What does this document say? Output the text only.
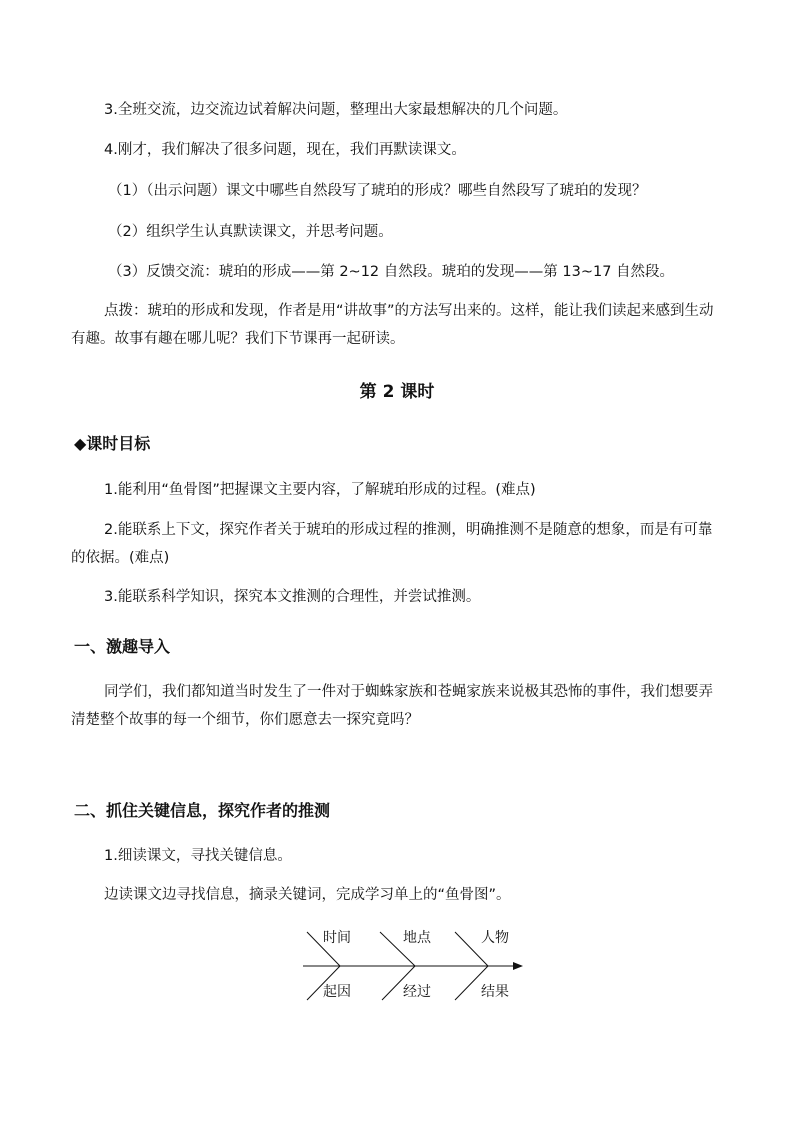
3.全班交流，边交流边试着解决问题，整理出大家最想解决的几个问题。
4.刚才，我们解决了很多问题，现在，我们再默读课文。
（1）（出示问题）课文中哪些自然段写了琥珀的形成？哪些自然段写了琥珀的发现？
（2）组织学生认真默读课文，并思考问题。
（3）反馈交流：琥珀的形成——第 2~12 自然段。琥珀的发现——第 13~17 自然段。
点拨：琥珀的形成和发现，作者是用“讲故事”的方法写出来的。这样，能让我们读起来感到生动有趣。故事有趣在哪儿呢？我们下节课再一起研读。
第 2 课时
◆课时目标
1.能利用“鱼骨图”把握课文主要内容，了解琥珀形成的过程。(难点)
2.能联系上下文，探究作者关于琥珀的形成过程的推测，明确推测不是随意的想象，而是有可靠的依据。(难点)
3.能联系科学知识，探究本文推测的合理性，并尝试推测。
一、激趣导入
同学们，我们都知道当时发生了一件对于蜘蛛家族和苍蝇家族来说极其恐怖的事件，我们想要弄清楚整个故事的每一个细节，你们愿意去一探究竟吗？
二、抓住关键信息，探究作者的推测
1.细读课文，寻找关键信息。
边读课文边寻找信息，摘录关键词，完成学习单上的“鱼骨图”。
时间	地点	人物
起因	经过	结果
